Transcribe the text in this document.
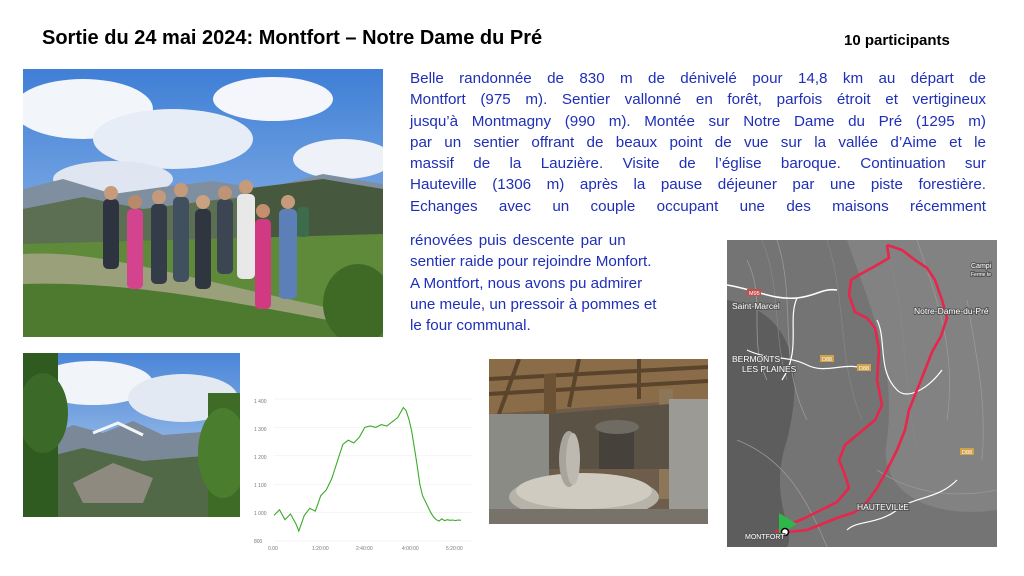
Sortie du 24 mai 2024: Montfort – Notre Dame du Pré	10 participants
Belle randonnée de 830 m de dénivelé pour 14,8 km au départ de
Montfort (975 m). Sentier vallonné en forêt, parfois étroit et vertigineux
jusqu’à Montmagny (990 m). Montée sur Notre Dame du Pré (1295 m)
par un sentier offrant de beaux point de vue sur la vallée d’Aime et le
massif de la Lauzière. Visite de l’église baroque. Continuation sur
Hauteville (1306 m) après la pause déjeuner par une piste forestière.
Echanges avec un couple occupant une des maisons récemment
rénovées puis descente par un
sentier raide pour rejoindre Monfort.
A Montfort, nous avons pu admirer
une meule, un pressoir à pommes et
le four communal.
800
1 000
1 100
1 200
1 300
1 400
0.00	1:20:00	2:40:00	4:00:00	5:20:00
M95
D88
D88
D88
Saint-Marcel	Notre-Dame-du-Pré
BERMONTS
LES PLAINES
HAUTEVILLE
MONTFORT
Campi
Ferme te
